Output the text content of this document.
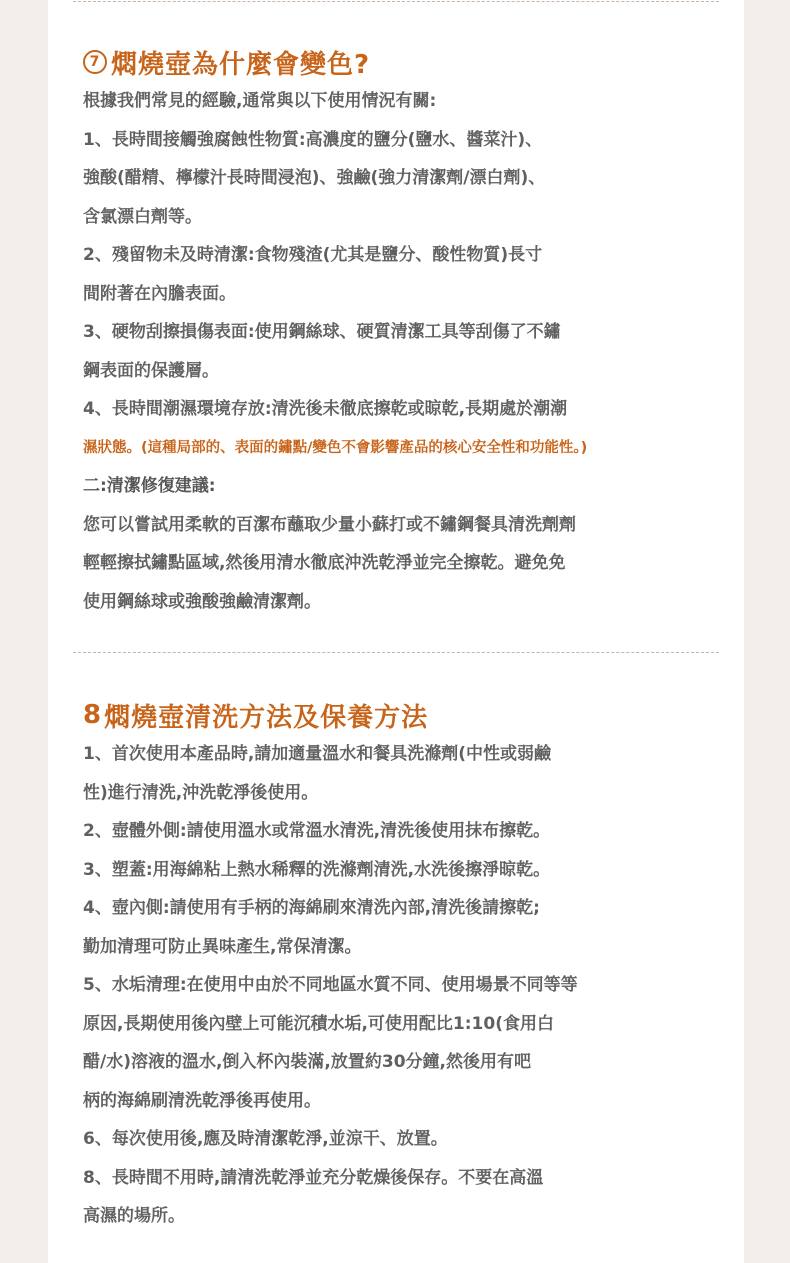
7 燜燒壺為什麼會變色?
根據我們常見的經驗,通常與以下使用情況有關:
1、長時間接觸強腐蝕性物質:高濃度的鹽分(鹽水、醬菜汁)、
強酸(醋精、檸檬汁長時間浸泡)、強鹼(強力清潔劑/漂白劑)、
含氯漂白劑等。
2、殘留物未及時清潔:食物殘渣(尤其是鹽分、酸性物質)長寸
間附著在內膽表面。
3、硬物刮擦損傷表面:使用鋼絲球、硬質清潔工具等刮傷了不鏽
鋼表面的保護層。
4、長時間潮濕環境存放:清洗後未徹底擦乾或晾乾,長期處於潮潮
濕狀態。(這種局部的、表面的鏽點/變色不會影響產品的核心安全性和功能性。)
二:清潔修復建議:
您可以嘗試用柔軟的百潔布蘸取少量小蘇打或不鏽鋼餐具清洗劑劑
輕輕擦拭鏽點區域,然後用清水徹底沖洗乾淨並完全擦乾。避免免
使用鋼絲球或強酸強鹼清潔劑。
8 燜燒壺清洗方法及保養方法
1、首次使用本產品時,請加適量溫水和餐具洗滌劑(中性或弱鹼
性)進行清洗,沖洗乾淨後使用。
2、壺體外側:請使用溫水或常溫水清洗,清洗後使用抹布擦乾。
3、塑蓋:用海綿粘上熱水稀釋的洗滌劑清洗,水洗後擦淨晾乾。
4、壺內側:請使用有手柄的海綿刷來清洗內部,清洗後請擦乾;
勤加清理可防止異味產生,常保清潔。
5、水垢清理:在使用中由於不同地區水質不同、使用場景不同等等
原因,長期使用後內壁上可能沉積水垢,可使用配比1:10(食用白
醋/水)溶液的溫水,倒入杯內裝滿,放置約30分鐘,然後用有吧
柄的海綿刷清洗乾淨後再使用。
6、每次使用後,應及時清潔乾淨,並涼干、放置。
8、長時間不用時,請清洗乾淨並充分乾燥後保存。不要在高溫
高濕的場所。
